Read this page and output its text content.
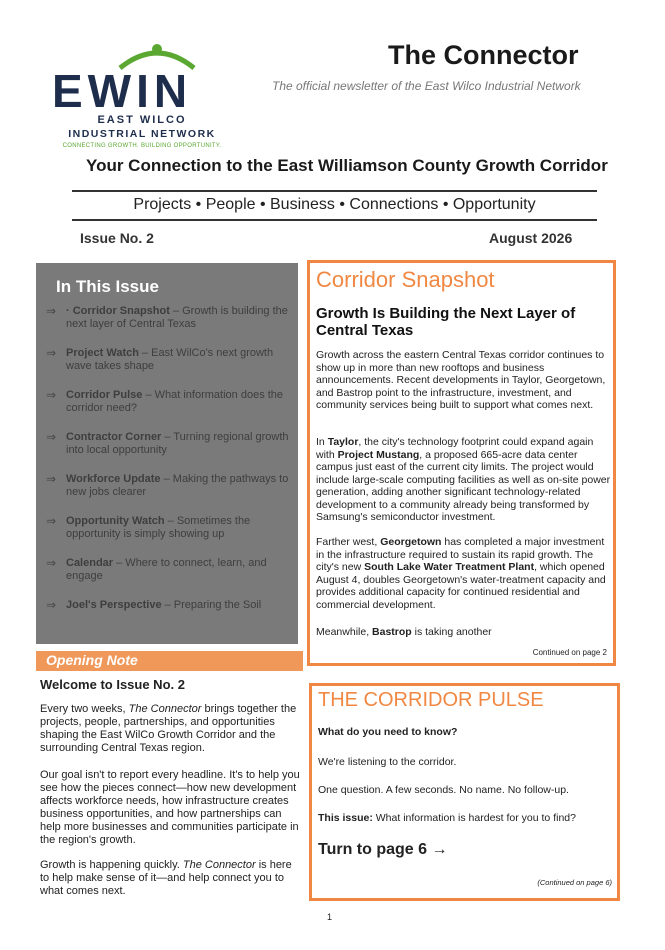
EWIN
EAST WILCO
INDUSTRIAL NETWORK
CONNECTING GROWTH. BUILDING OPPORTUNITY.
The Connector
The official newsletter of the East Wilco Industrial Network
Your Connection to the East Williamson County Growth Corridor
Projects • People • Business • Connections • Opportunity
Issue No. 2	August 2026
In This Issue
⇒ · Corridor Snapshot – Growth is building the next layer of Central Texas
⇒ Project Watch – East WilCo's next growth wave takes shape
⇒ Corridor Pulse – What information does the corridor need?
⇒ Contractor Corner – Turning regional growth into local opportunity
⇒ Workforce Update – Making the pathways to new jobs clearer
⇒ Opportunity Watch – Sometimes the opportunity is simply showing up
⇒ Calendar – Where to connect, learn, and engage
⇒ Joel's Perspective – Preparing the Soil
Opening Note
Welcome to Issue No. 2
Every two weeks, The Connector brings together the projects, people, partnerships, and opportunities shaping the East WilCo Growth Corridor and the surrounding Central Texas region.
Our goal isn't to report every headline. It's to help you see how the pieces connect—how new development affects workforce needs, how infrastructure creates business opportunities, and how partnerships can help more businesses and communities participate in the region's growth.
Growth is happening quickly. The Connector is here to help make sense of it—and help connect you to what comes next.
Corridor Snapshot
Growth Is Building the Next Layer of Central Texas
Growth across the eastern Central Texas corridor continues to show up in more than new rooftops and business announcements. Recent developments in Taylor, Georgetown, and Bastrop point to the infrastructure, investment, and community services being built to support what comes next.
In Taylor, the city's technology footprint could expand again with Project Mustang, a proposed 665-acre data center campus just east of the current city limits. The project would include large-scale computing facilities as well as on-site power generation, adding another significant technology-related development to a community already being transformed by Samsung's semiconductor investment.
Farther west, Georgetown has completed a major investment in the infrastructure required to sustain its rapid growth. The city's new South Lake Water Treatment Plant, which opened August 4, doubles Georgetown's water-treatment capacity and provides additional capacity for continued residential and commercial development.
Meanwhile, Bastrop is taking another
Continued on page 2
THE CORRIDOR PULSE
What do you need to know?
We're listening to the corridor.
One question. A few seconds. No name. No follow-up.
This issue: What information is hardest for you to find?
Turn to page 6 →
(Continued on page 6)
1
